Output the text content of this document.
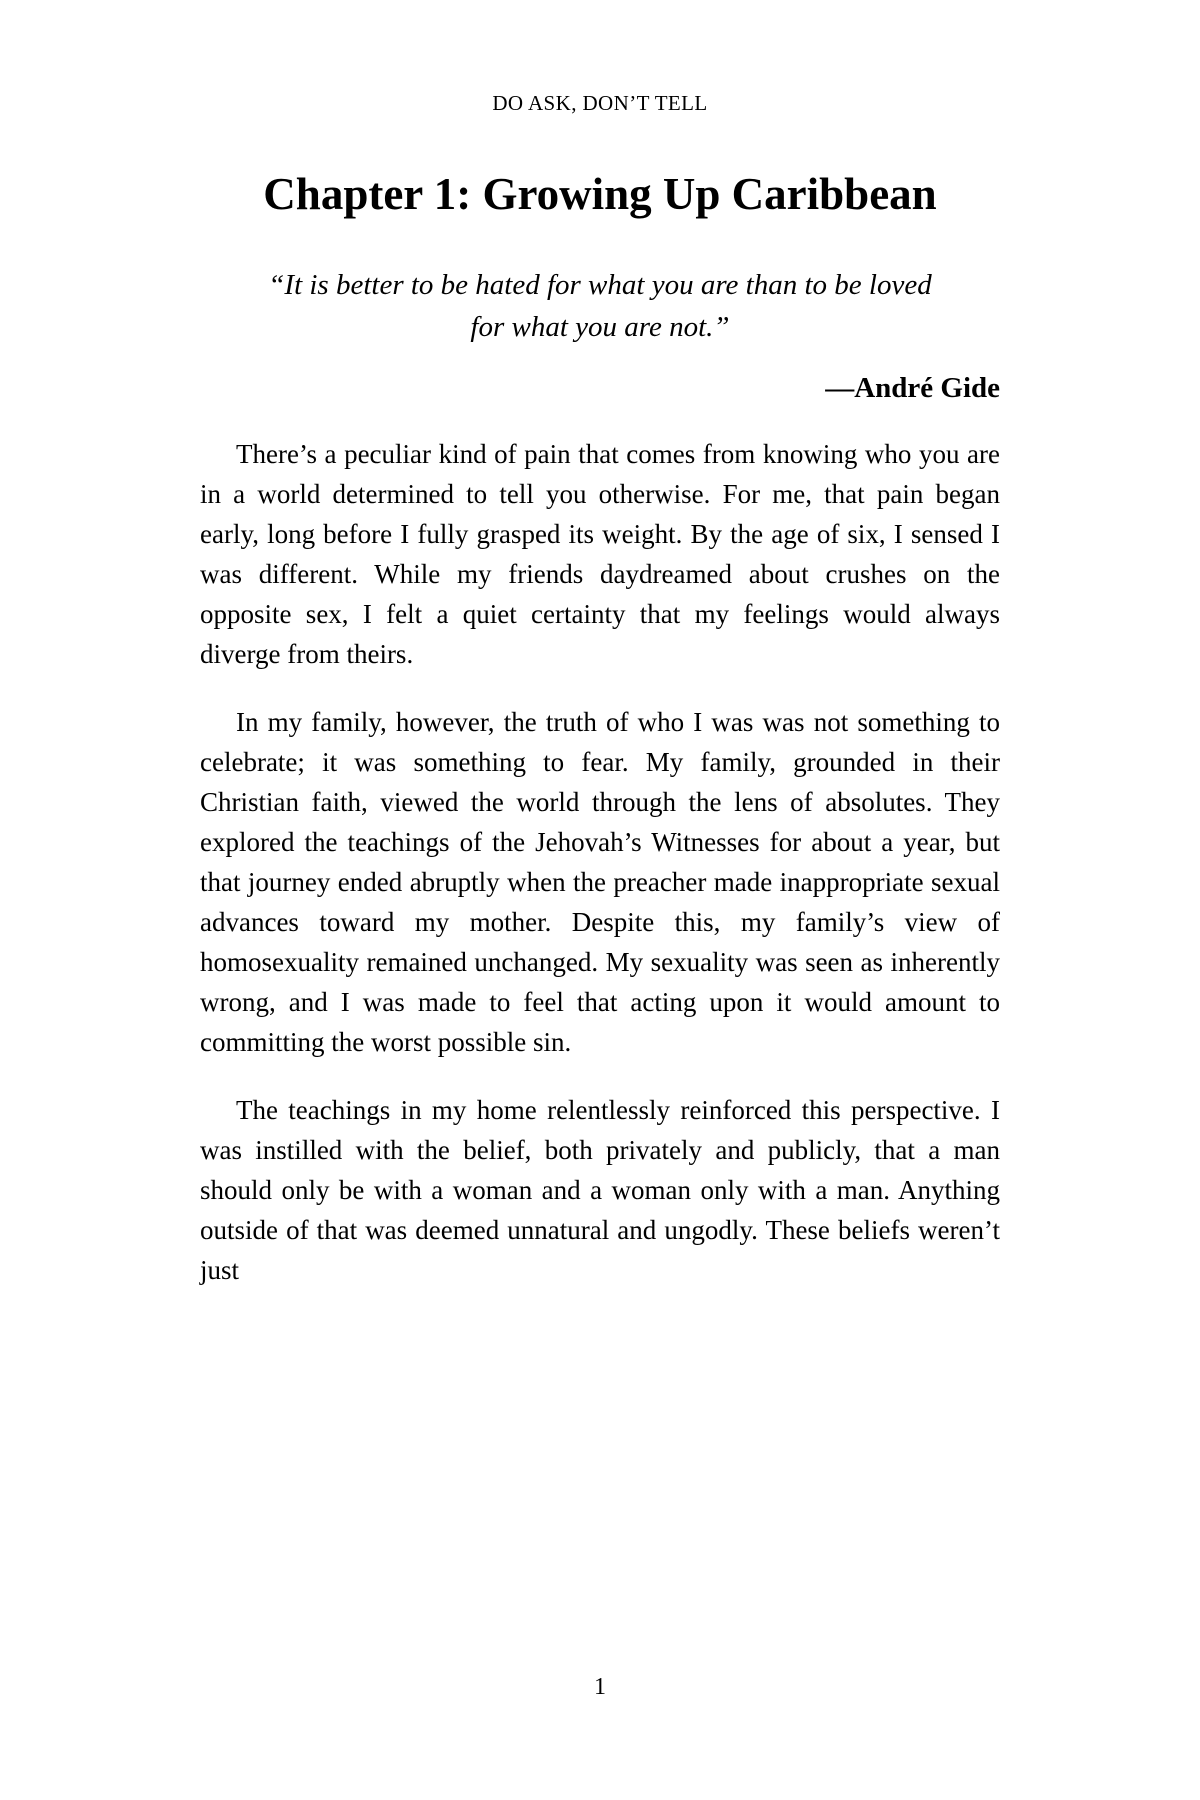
DO ASK, DON’T TELL
Chapter 1: Growing Up Caribbean
“It is better to be hated for what you are than to be loved
for what you are not.”
—André Gide

There’s a peculiar kind of pain that comes from knowing who you are in a world determined to tell you otherwise. For me, that pain began early, long before I fully grasped its weight. By the age of six, I sensed I was different. While my friends daydreamed about crushes on the opposite sex, I felt a quiet certainty that my feelings would always diverge from theirs.

In my family, however, the truth of who I was was not something to celebrate; it was something to fear. My family, grounded in their Christian faith, viewed the world through the lens of absolutes. They explored the teachings of the Jehovah’s Witnesses for about a year, but that journey ended abruptly when the preacher made inappropriate sexual advances toward my mother. Despite this, my family’s view of homosexuality remained unchanged. My sexuality was seen as inherently wrong, and I was made to feel that acting upon it would amount to committing the worst possible sin.

The teachings in my home relentlessly reinforced this perspective. I was instilled with the belief, both privately and publicly, that a man should only be with a woman and a woman only with a man. Anything outside of that was deemed unnatural and ungodly. These beliefs weren’t just

1
